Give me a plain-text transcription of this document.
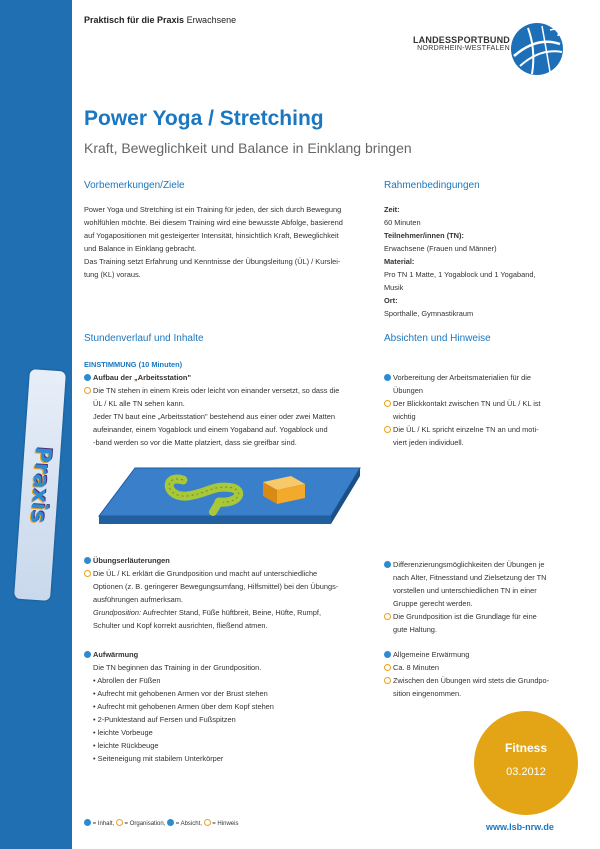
Praxis
Praktisch für die Praxis Erwachsene
LANDESSPORTBUND
NORDRHEIN-WESTFALEN
Power Yoga / Stretching
Kraft, Beweglichkeit und Balance in Einklang bringen
Vorbemerkungen/Ziele
Power Yoga und Stretching ist ein Training für jeden, der sich durch Bewegung
wohlfühlen möchte. Bei diesem Training wird eine bewusste Abfolge, basierend
auf Yogapositionen mit gesteigerter Intensität, hinsichtlich Kraft, Beweglichkeit
und Balance in Einklang gebracht.
Das Training setzt Erfahrung und Kenntnisse der Übungsleitung (ÜL) / Kurslei-
tung (KL) voraus.
Rahmenbedingungen
Zeit:
60 Minuten
Teilnehmer/innen (TN):
Erwachsene (Frauen und Männer)
Material:
Pro TN 1 Matte, 1 Yogablock und 1 Yogaband,
Musik
Ort:
Sporthalle, Gymnastikraum
Stundenverlauf und Inhalte	Absichten und Hinweise
EINSTIMMUNG (10 Minuten)
Aufbau der „Arbeitsstation"
Die TN stehen in einem Kreis oder leicht von einander versetzt, so dass die
ÜL / KL alle TN sehen kann.
Jeder TN baut eine „Arbeitsstation" bestehend aus einer oder zwei Matten
aufeinander, einem Yogablock und einem Yogaband auf. Yogablock und
-band werden so vor die Matte platziert, dass sie greifbar sind.
Vorbereitung der Arbeitsmaterialien für die
Übungen
Der Blickkontakt zwischen TN und ÜL / KL ist
wichtig
Die ÜL / KL spricht einzelne TN an und moti-
viert jeden individuell.
Übungserläuterungen
Die ÜL / KL erklärt die Grundposition und macht auf unterschiedliche
Optionen (z. B. geringerer Bewegungsumfang, Hilfsmittel) bei den Übungs-
ausführungen aufmerksam.
Grundposition: Aufrechter Stand, Füße hüftbreit, Beine, Hüfte, Rumpf,
Schulter und Kopf korrekt ausrichten, fließend atmen.
Differenzierungsmöglichkeiten der Übungen je
nach Alter, Fitnesstand und Zielsetzung der TN
vorstellen und unterschiedlichen TN in einer
Gruppe gerecht werden.
Die Grundposition ist die Grundlage für eine
gute Haltung.
Aufwärmung
Die TN beginnen das Training in der Grundposition.
• Abrollen der Füßen
• Aufrecht mit gehobenen Armen vor der Brust stehen
• Aufrecht mit gehobenen Armen über dem Kopf stehen
• 2-Punktestand auf Fersen und Fußspitzen
• leichte Vorbeuge
• leichte Rückbeuge
• Seiteneigung mit stabilem Unterkörper
Allgemeine Erwärmung
Ca. 8 Minuten
Zwischen den Übungen wird stets die Grundpo-
sition eingenommen.
Fitness
03.2012
= Inhalt, = Organisation, = Absicht, = Hinweis	www.lsb-nrw.de
